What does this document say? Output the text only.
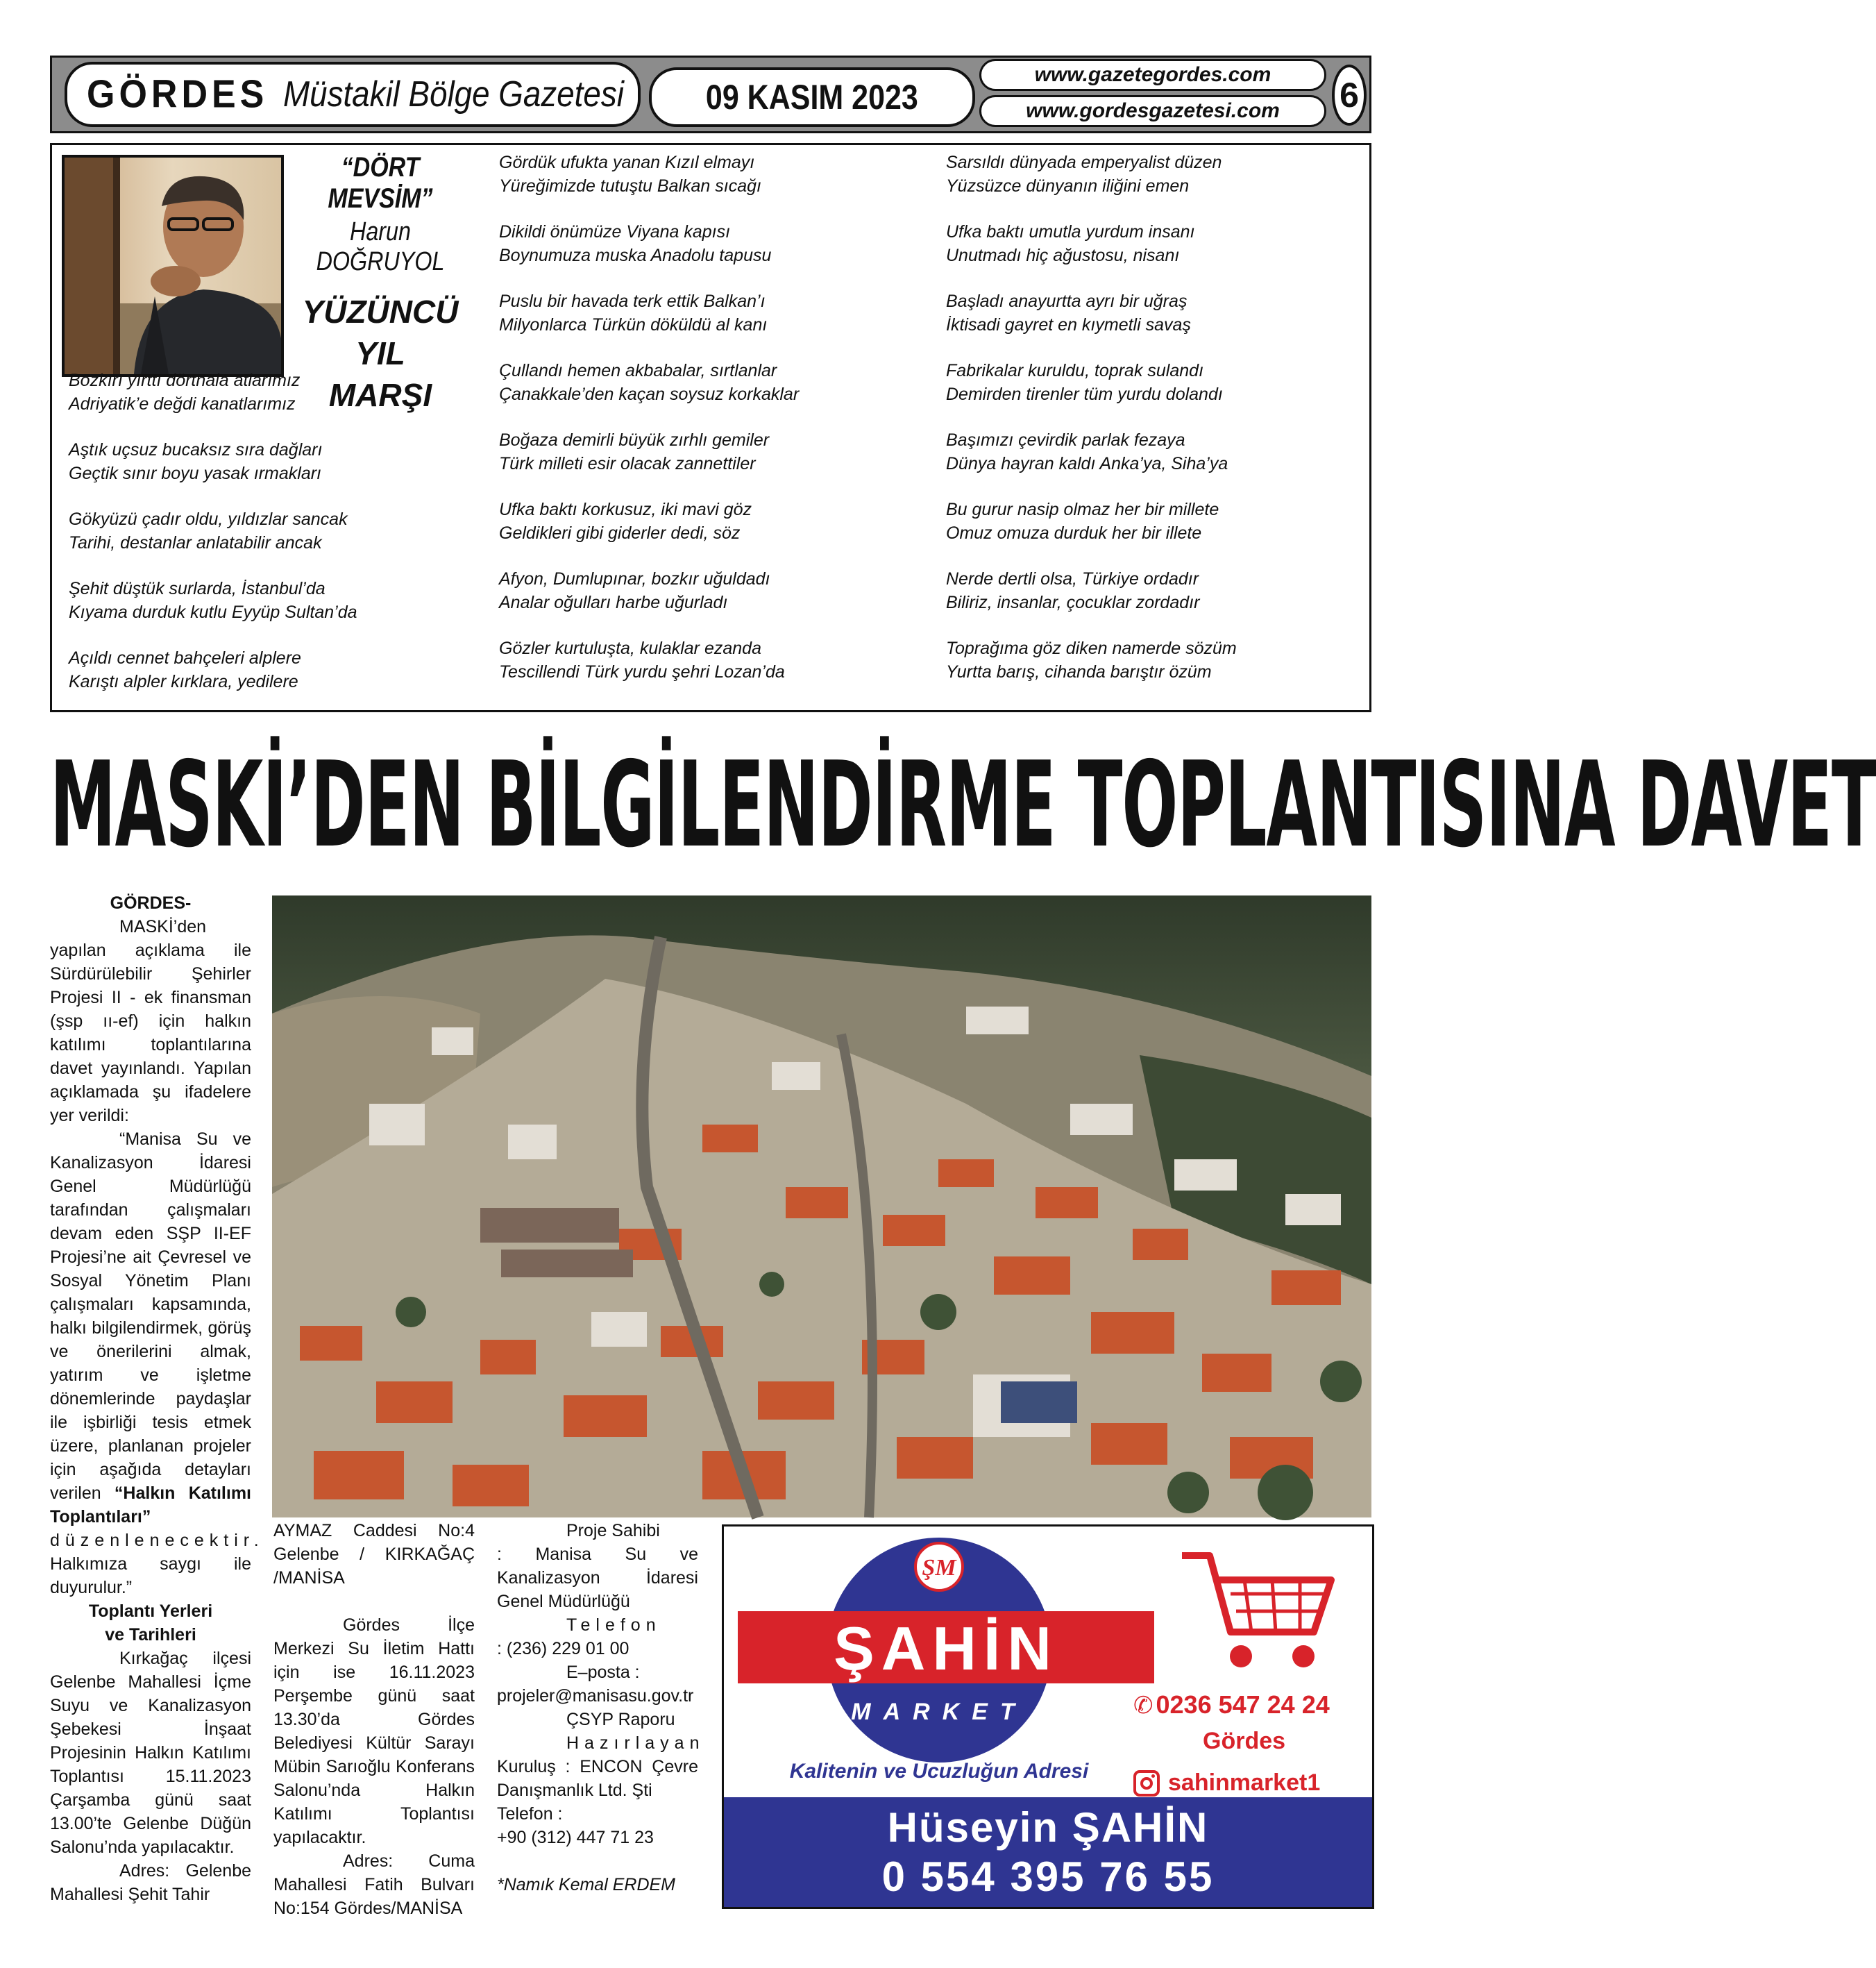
GÖRDES Müstakil Bölge Gazetesi 09 KASIM 2023
www.gazetegordes.com
www.gordesgazetesi.com	6
“DÖRT MEVSİM”
Harun DOĞRUYOL
YÜZÜNCÜ
YIL
MARŞI
Bozkırı yırttı dörtnala atlarımız
Adriyatik’e değdi kanatlarımız
Aştık uçsuz bucaksız sıra dağları
Geçtik sınır boyu yasak ırmakları
Gökyüzü çadır oldu, yıldızlar sancak
Tarihi, destanlar anlatabilir ancak
Şehit düştük surlarda, İstanbul’da
Kıyama durduk kutlu Eyyüp Sultan’da
Açıldı cennet bahçeleri alplere
Karıştı alpler kırklara, yedilere
Gördük ufukta yanan Kızıl elmayı
Yüreğimizde tutuştu Balkan sıcağı
Dikildi önümüze Viyana kapısı
Boynumuza muska Anadolu tapusu
Puslu bir havada terk ettik Balkan’ı
Milyonlarca Türkün döküldü al kanı
Çullandı hemen akbabalar, sırtlanlar
Çanakkale’den kaçan soysuz korkaklar
Boğaza demirli büyük zırhlı gemiler
Türk milleti esir olacak zannettiler
Ufka baktı korkusuz, iki mavi göz
Geldikleri gibi giderler dedi, söz
Afyon, Dumlupınar, bozkır uğuldadı
Analar oğulları harbe uğurladı
Gözler kurtuluşta, kulaklar ezanda
Tescillendi Türk yurdu şehri Lozan’da
Sarsıldı dünyada emperyalist düzen
Yüzsüzce dünyanın iliğini emen
Ufka baktı umutla yurdum insanı
Unutmadı hiç ağustosu, nisanı
Başladı anayurtta ayrı bir uğraş
İktisadi gayret en kıymetli savaş
Fabrikalar kuruldu, toprak sulandı
Demirden tirenler tüm yurdu dolandı
Başımızı çevirdik parlak fezaya
Dünya hayran kaldı Anka’ya, Siha’ya
Bu gurur nasip olmaz her bir millete
Omuz omuza durduk her bir illete
Nerde dertli olsa, Türkiye ordadır
Biliriz, insanlar, çocuklar zordadır
Toprağıma göz diken namerde sözüm
Yurtta barış, cihanda barıştır özüm
MASKİ’DEN BİLGİLENDİRME TOPLANTISINA DAVET

GÖRDES-

MASKİ’den yapılan açıklama ile Sürdürülebilir Şehirler Projesi II - ek finansman (şsp ıı-ef) için halkın katılımı toplantılarına davet yayınlandı. Yapılan açıklamada şu ifadelere yer verildi:

“Manisa Su ve Kanalizasyon İdaresi Genel Müdürlüğü tarafından çalışmaları devam eden SŞP II-EF Projesi’ne ait Çevresel ve Sosyal Yönetim Planı çalışmaları kapsamında, halkı bilgilendirmek, görüş ve önerilerini almak, yatırım ve işletme dönemlerinde paydaşlar ile işbirliği tesis etmek üzere, planlanan projeler için aşağıda detayları verilen “Halkın Katılımı Toplantıları” düzenlenecektir. Halkımıza saygı ile duyurulur.”

Toplantı Yerleri

ve Tarihleri

Kırkağaç ilçesi Gelenbe Mahallesi İçme Suyu ve Kanalizasyon Şebekesi İnşaat Projesinin Halkın Katılımı Toplantısı 15.11.2023 Çarşamba günü saat 13.00’te Gelenbe Düğün Salonu’nda yapılacaktır.

Adres: Gelenbe Mahallesi Şehit Tahir

AYMAZ Caddesi No:4 Gelenbe / KIRKAĞAÇ /MANİSA

Gördes İlçe Merkezi Su İletim Hattı için ise 16.11.2023 Perşembe günü saat 13.30’da Gördes Belediyesi Kültür Sarayı Mübin Sarıoğlu Konferans Salonu’nda Halkın Katılımı Toplantısı yapılacaktır.

Adres: Cuma Mahallesi Fatih Bulvarı No:154 Gördes/MANİSA

Proje Sahibi

: Manisa Su ve Kanalizasyon İdaresi Genel Müdürlüğü

Telefon

: (236) 229 01 00

E–posta :

projeler@manisasu.gov.tr

ÇSYP Raporu

Hazırlayan

Kuruluş : ENCON Çevre Danışmanlık Ltd. Şti

Telefon :

+90 (312) 447 71 23

*Namık Kemal ERDEM

ŞM
ŞAHİN
MARKET
Kalitenin ve Ucuzluğun Adresi
✆ 0236 547 24 24
Gördes
sahinmarket1
Hüseyin ŞAHİN
0 554 395 76 55
